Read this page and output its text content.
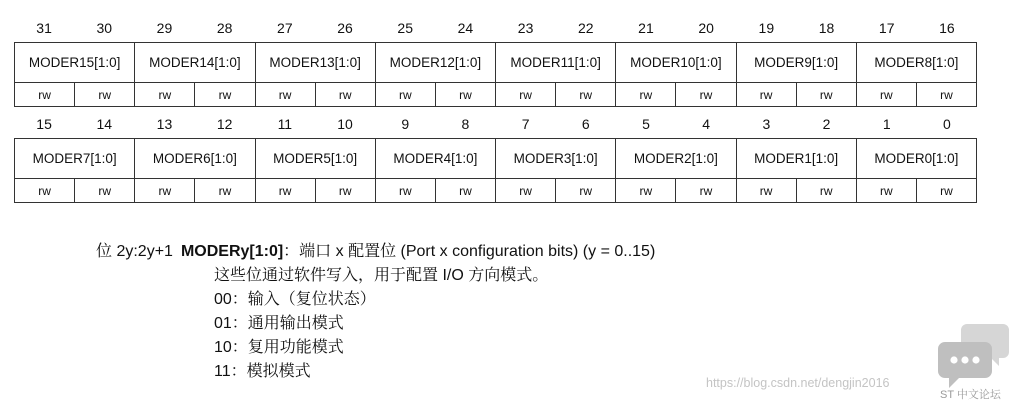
31	30	29	28	27	26	25	24	23	22	21	20	19	18	17	16
MODER15[1:0]		MODER14[1:0]		MODER13[1:0]		MODER12[1:0]		MODER11[1:0]		MODER10[1:0]		MODER9[1:0]		MODER8[1:0]	
rw	rw	rw	rw	rw	rw	rw	rw	rw	rw	rw	rw	rw	rw	rw	rw
15	14	13	12	11	10	9	8	7	6	5	4	3	2	1	0
MODER7[1:0]		MODER6[1:0]		MODER5[1:0]		MODER4[1:0]		MODER3[1:0]		MODER2[1:0]		MODER1[1:0]		MODER0[1:0]	
rw	rw	rw	rw	rw	rw	rw	rw	rw	rw	rw	rw	rw	rw	rw	rw
位 2y:2y+1 MODERy[1:0]：端口 x 配置位 (Port x configuration bits) (y = 0..15)
这些位通过软件写入，用于配置 I/O 方向模式。
00：输入（复位状态）
01：通用输出模式
10：复用功能模式
11：模拟模式
https://blog.csdn.net/dengjin2016
ST 中文论坛
